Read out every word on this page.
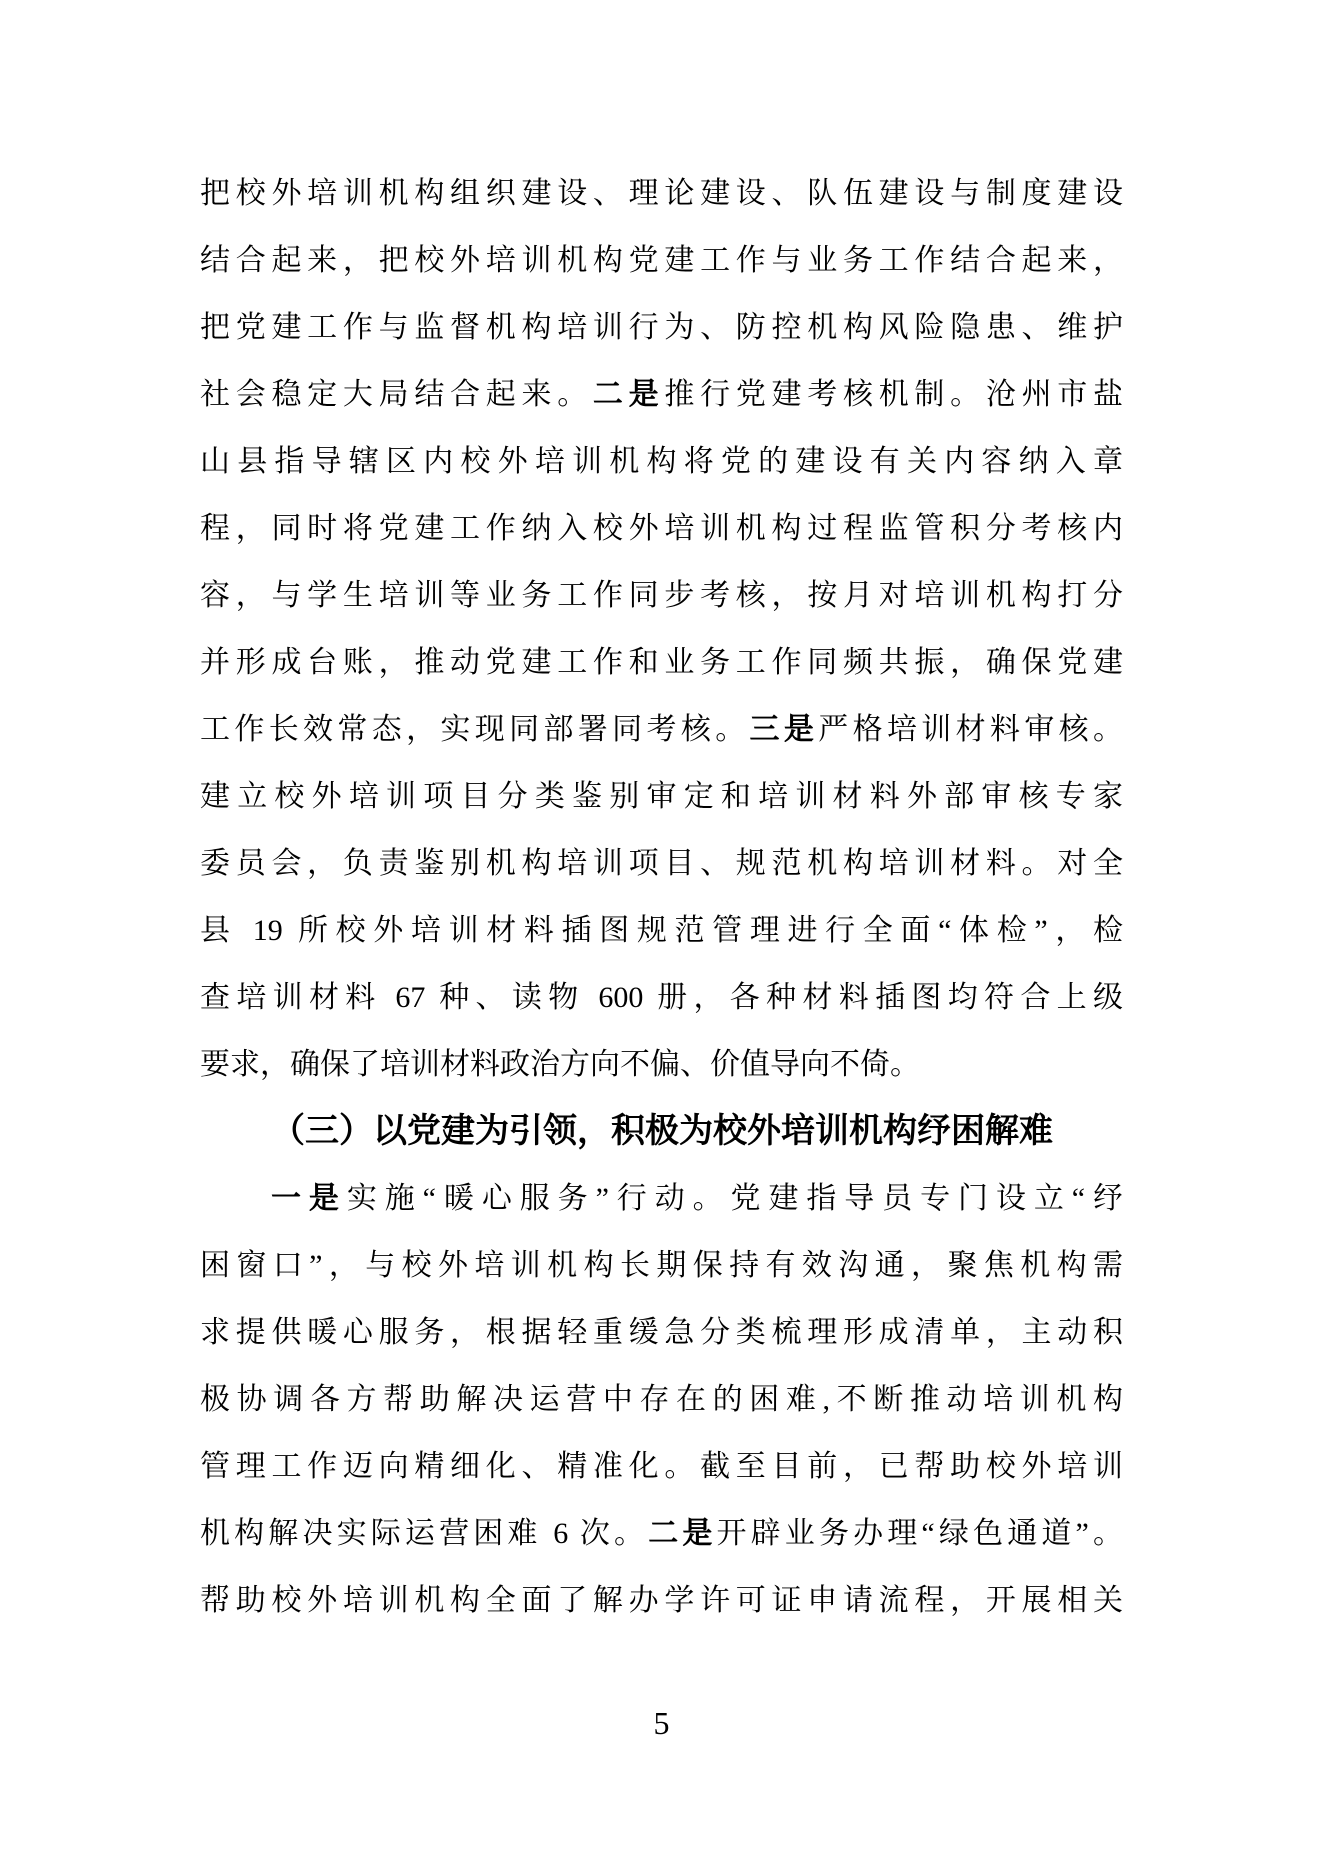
把校外培训机构组织建设、理论建设、队伍建设与制度建设
结合起来，把校外培训机构党建工作与业务工作结合起来，
把党建工作与监督机构培训行为、防控机构风险隐患、维护
社会稳定大局结合起来。二是推行党建考核机制。沧州市盐
山县指导辖区内校外培训机构将党的建设有关内容纳入章
程，同时将党建工作纳入校外培训机构过程监管积分考核内
容，与学生培训等业务工作同步考核，按月对培训机构打分
并形成台账，推动党建工作和业务工作同频共振，确保党建
工作长效常态，实现同部署同考核。三是严格培训材料审核。
建立校外培训项目分类鉴别审定和培训材料外部审核专家
委员会，负责鉴别机构培训项目、规范机构培训材料。对全
县 19 所校外培训材料插图规范管理进行全面“体检”，检
查培训材料 67 种、读物 600 册，各种材料插图均符合上级
要求，确保了培训材料政治方向不偏、价值导向不倚。
（三）以党建为引领，积极为校外培训机构纾困解难
一是实施“暖心服务”行动。党建指导员专门设立“纾
困窗口”，与校外培训机构长期保持有效沟通，聚焦机构需
求提供暖心服务，根据轻重缓急分类梳理形成清单，主动积
极协调各方帮助解决运营中存在的困难,不断推动培训机构
管理工作迈向精细化、精准化。截至目前，已帮助校外培训
机构解决实际运营困难 6 次。二是开辟业务办理“绿色通道”。
帮助校外培训机构全面了解办学许可证申请流程，开展相关
5
